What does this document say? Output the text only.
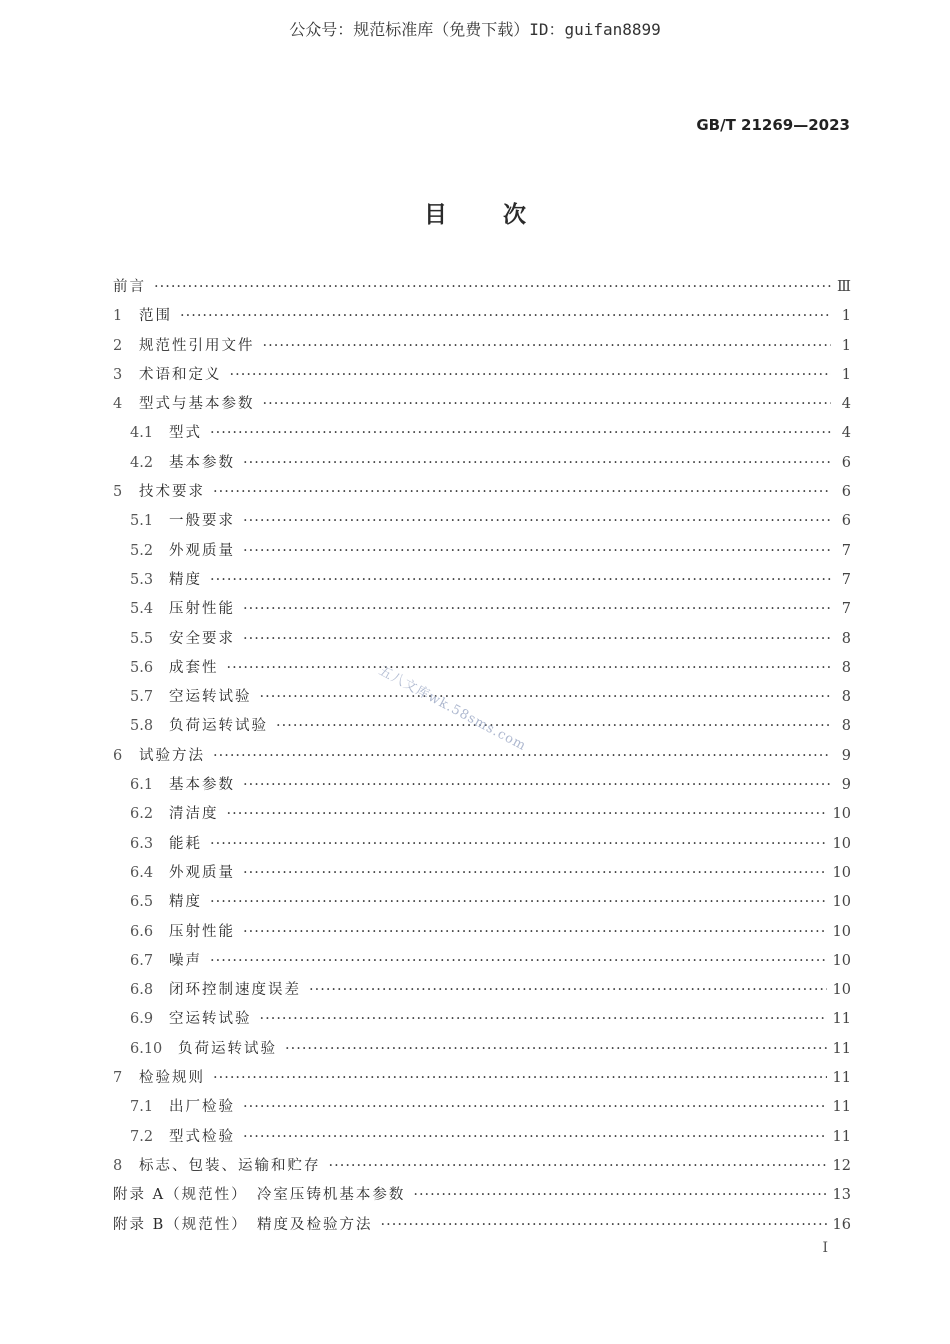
公众号：规范标准库（免费下载）ID：guifan8899
GB/T 21269—2023
目次
前言 ·····	Ⅲ
1	范围 ·····	1
2	规范性引用文件 ·····	1
3	术语和定义 ·····	1
4	型式与基本参数 ·····	4
4.1	型式 ·····	4
4.2	基本参数 ·····	6
5	技术要求 ·····	6
5.1	一般要求 ·····	6
5.2	外观质量 ·····	7
5.3	精度 ·····	7
5.4	压射性能 ·····	7
5.5	安全要求 ·····	8
5.6	成套性 ·····	8
5.7	空运转试验 ·····	8
5.8	负荷运转试验 ·····	8
6	试验方法 ·····	9
6.1	基本参数 ·····	9
6.2	清洁度 ·····	10
6.3	能耗 ·····	10
6.4	外观质量 ·····	10
6.5	精度 ·····	10
6.6	压射性能 ·····	10
6.7	噪声 ·····	10
6.8	闭环控制速度误差 ·····	10
6.9	空运转试验 ·····	11
6.10	负荷运转试验 ·····	11
7	检验规则 ·····	11
7.1	出厂检验 ·····	11
7.2	型式检验 ·····	11
8	标志、包装、运输和贮存 ·····	12
附录 A（规范性）　冷室压铸机基本参数 ·····	13
附录 B（规范性）　精度及检验方法 ·····	16
五八文库wk.58sms.com
I
